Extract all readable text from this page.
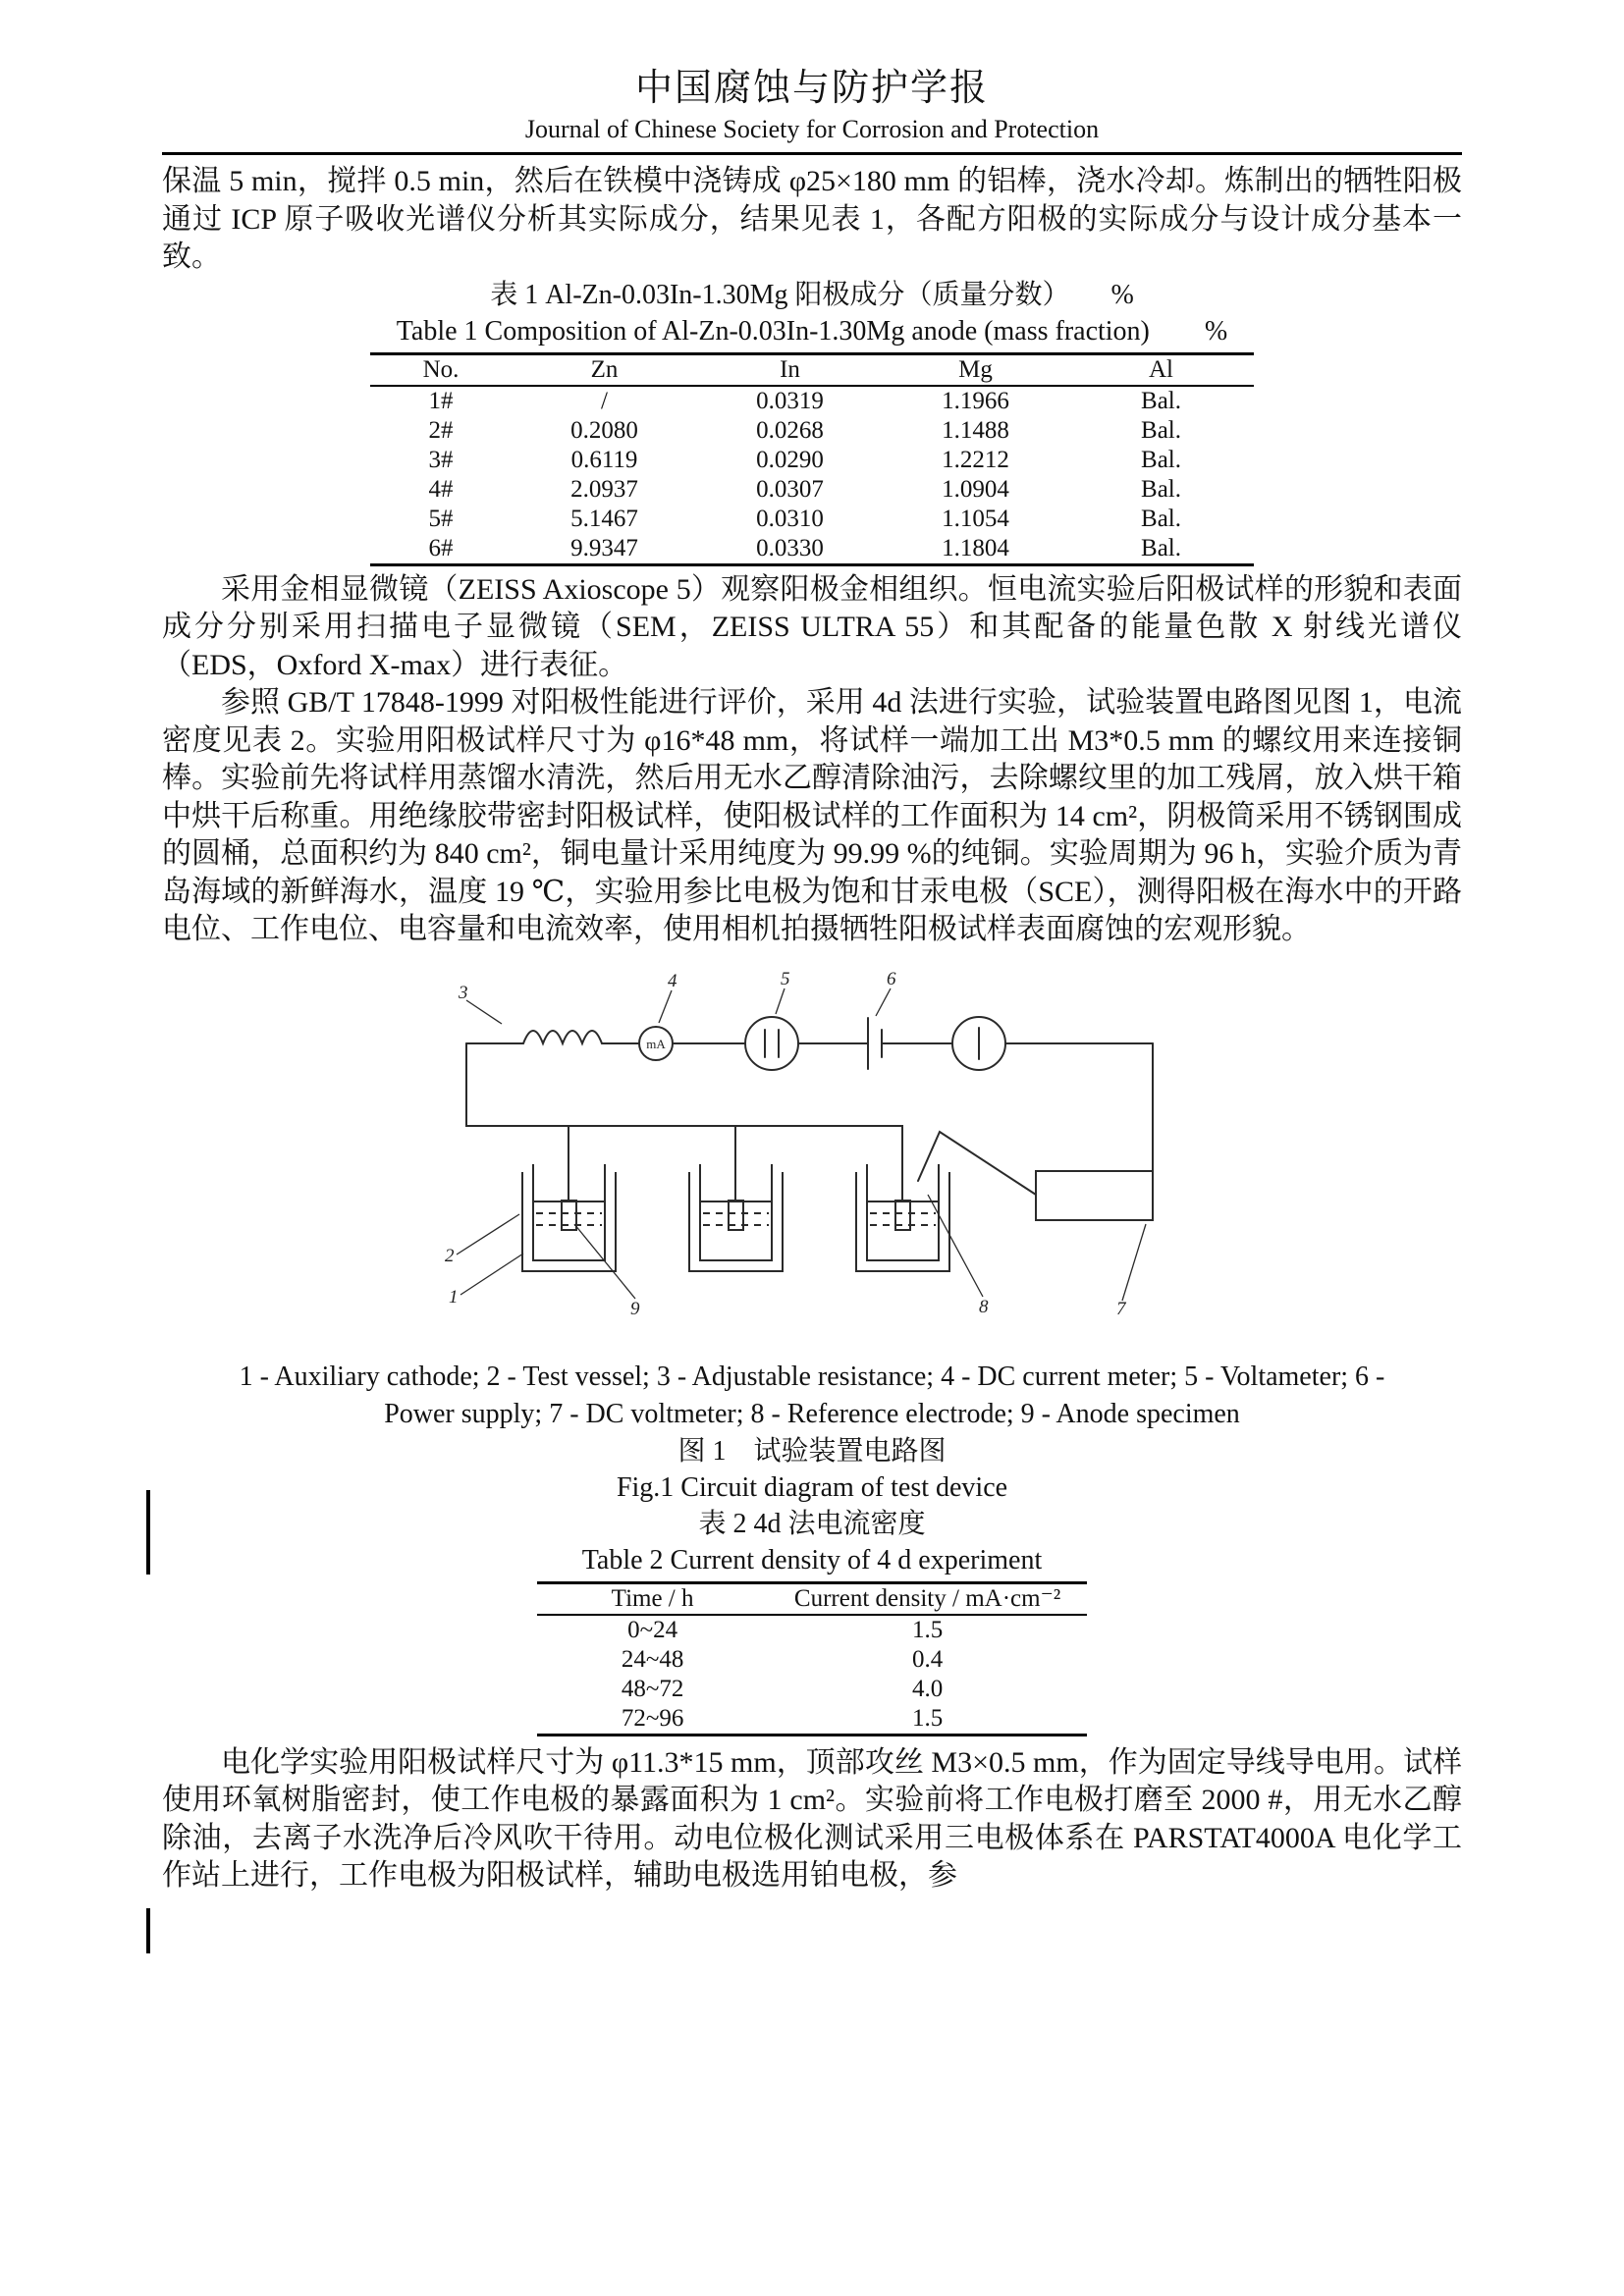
中国腐蚀与防护学报
Journal of Chinese Society for Corrosion and Protection

保温 5 min，搅拌 0.5 min，然后在铁模中浇铸成 φ25×180 mm 的铝棒，浇水冷却。炼制出的牺牲阳极通过 ICP 原子吸收光谱仪分析其实际成分，结果见表 1，各配方阳极的实际成分与设计成分基本一致。

表 1 Al-Zn-0.03In-1.30Mg 阳极成分（质量分数）　　%
Table 1 Composition of Al-Zn-0.03In-1.30Mg anode (mass fraction)　　%
No.	Zn	In	Mg	Al
1#	/	0.0319	1.1966	Bal.
2#	0.2080	0.0268	1.1488	Bal.
3#	0.6119	0.0290	1.2212	Bal.
4#	2.0937	0.0307	1.0904	Bal.
5#	5.1467	0.0310	1.1054	Bal.
6#	9.9347	0.0330	1.1804	Bal.

采用金相显微镜（ZEISS Axioscope 5）观察阳极金相组织。恒电流实验后阳极试样的形貌和表面成分分别采用扫描电子显微镜（SEM，ZEISS ULTRA 55）和其配备的能量色散 X 射线光谱仪（EDS，Oxford X-max）进行表征。

参照 GB/T 17848-1999 对阳极性能进行评价，采用 4d 法进行实验，试验装置电路图见图 1，电流密度见表 2。实验用阳极试样尺寸为 φ16*48 mm，将试样一端加工出 M3*0.5 mm 的螺纹用来连接铜棒。实验前先将试样用蒸馏水清洗，然后用无水乙醇清除油污，去除螺纹里的加工残屑，放入烘干箱中烘干后称重。用绝缘胶带密封阳极试样，使阳极试样的工作面积为 14 cm²，阴极筒采用不锈钢围成的圆桶，总面积约为 840 cm²，铜电量计采用纯度为 99.99 %的纯铜。实验周期为 96 h，实验介质为青岛海域的新鲜海水，温度 19 ℃，实验用参比电极为饱和甘汞电极（SCE），测得阳极在海水中的开路电位、工作电位、电容量和电流效率，使用相机拍摄牺牲阳极试样表面腐蚀的宏观形貌。

3
4	5	6
2
1
9	8	7
mA
1 - Auxiliary cathode; 2 - Test vessel; 3 - Adjustable resistance; 4 - DC current meter; 5 - Voltameter; 6 - Power supply; 7 - DC voltmeter; 8 - Reference electrode; 9 - Anode specimen
图 1　试验装置电路图
Fig.1 Circuit diagram of test device
表 2 4d 法电流密度
Table 2 Current density of 4 d experiment
Time / h	Current density / mA·cm⁻²
0~24	1.5
24~48	0.4
48~72	4.0
72~96	1.5

电化学实验用阳极试样尺寸为 φ11.3*15 mm，顶部攻丝 M3×0.5 mm，作为固定导线导电用。试样使用环氧树脂密封，使工作电极的暴露面积为 1 cm²。实验前将工作电极打磨至 2000 #，用无水乙醇除油，去离子水洗净后冷风吹干待用。动电位极化测试采用三电极体系在 PARSTAT4000A 电化学工作站上进行，工作电极为阳极试样，辅助电极选用铂电极，参
